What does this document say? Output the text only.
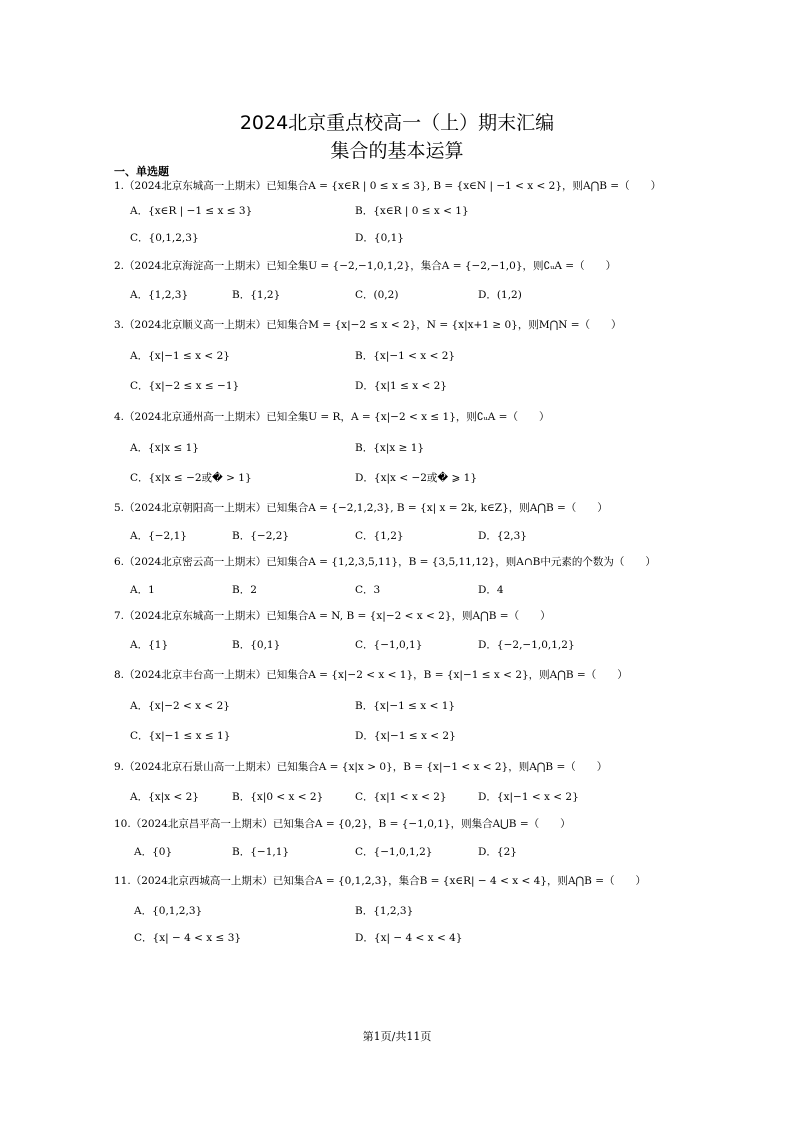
2024北京重点校高一（上）期末汇编
集合的基本运算
一、单选题
1.（2024北京东城高一上期末）已知集合A = {x∈R | 0 ≤ x ≤ 3}, B = {x∈N | −1 < x < 2}，则A⋂B =（　　）
A．{x∈R | −1 ≤ x ≤ 3}	B．{x∈R | 0 ≤ x < 1}
C．{0,1,2,3}	D．{0,1}
2.（2024北京海淀高一上期末）已知全集U = {−2,−1,0,1,2}，集合A = {−2,−1,0}，则∁ᵤA =（　　）
A．{1,2,3}	B．{1,2}	C．(0,2)	D．(1,2)
3.（2024北京顺义高一上期末）已知集合M = {x|−2 ≤ x < 2}，N = {x|x+1 ≥ 0}，则M⋂N =（　　）
A．{x|−1 ≤ x < 2}	B．{x|−1 < x < 2}
C．{x|−2 ≤ x ≤ −1}	D．{x|1 ≤ x < 2}
4.（2024北京通州高一上期末）已知全集U = R，A = {x|−2 < x ≤ 1}，则∁ᵤA =（　　）
A．{x|x ≤ 1}	B．{x|x ≥ 1}
C．{x|x ≤ −2或� > 1}	D．{x|x < −2或� ⩾ 1}
5.（2024北京朝阳高一上期末）已知集合A = {−2,1,2,3}, B = {x| x = 2k, k∈Z}，则A⋂B =（　　）
A．{−2,1}	B．{−2,2}	C．{1,2}	D．{2,3}
6.（2024北京密云高一上期末）已知集合A = {1,2,3,5,11}，B = {3,5,11,12}，则A∩B中元素的个数为（　　）
A．1	B．2	C．3	D．4
7.（2024北京东城高一上期末）已知集合A = N, B = {x|−2 < x < 2}，则A⋂B =（　　）
A．{1}	B．{0,1}	C．{−1,0,1}	D．{−2,−1,0,1,2}
8.（2024北京丰台高一上期末）已知集合A = {x|−2 < x < 1}，B = {x|−1 ≤ x < 2}，则A⋂B =（　　）
A．{x|−2 < x < 2}	B．{x|−1 ≤ x < 1}
C．{x|−1 ≤ x ≤ 1}	D．{x|−1 ≤ x < 2}
9.（2024北京石景山高一上期末）已知集合A = {x|x > 0}，B = {x|−1 < x < 2}，则A⋂B =（　　）
A．{x|x < 2}	B．{x|0 < x < 2}	C．{x|1 < x < 2}	D．{x|−1 < x < 2}
10.（2024北京昌平高一上期末）已知集合A = {0,2}，B = {−1,0,1}，则集合A⋃B =（　　）
A．{0}	B．{−1,1}	C．{−1,0,1,2}	D．{2}
11.（2024北京西城高一上期末）已知集合A = {0,1,2,3}，集合B = {x∈R| − 4 < x < 4}，则A⋂B =（　　）
A．{0,1,2,3}	B．{1,2,3}
C．{x| − 4 < x ≤ 3}	D．{x| − 4 < x < 4}
第1页/共11页
